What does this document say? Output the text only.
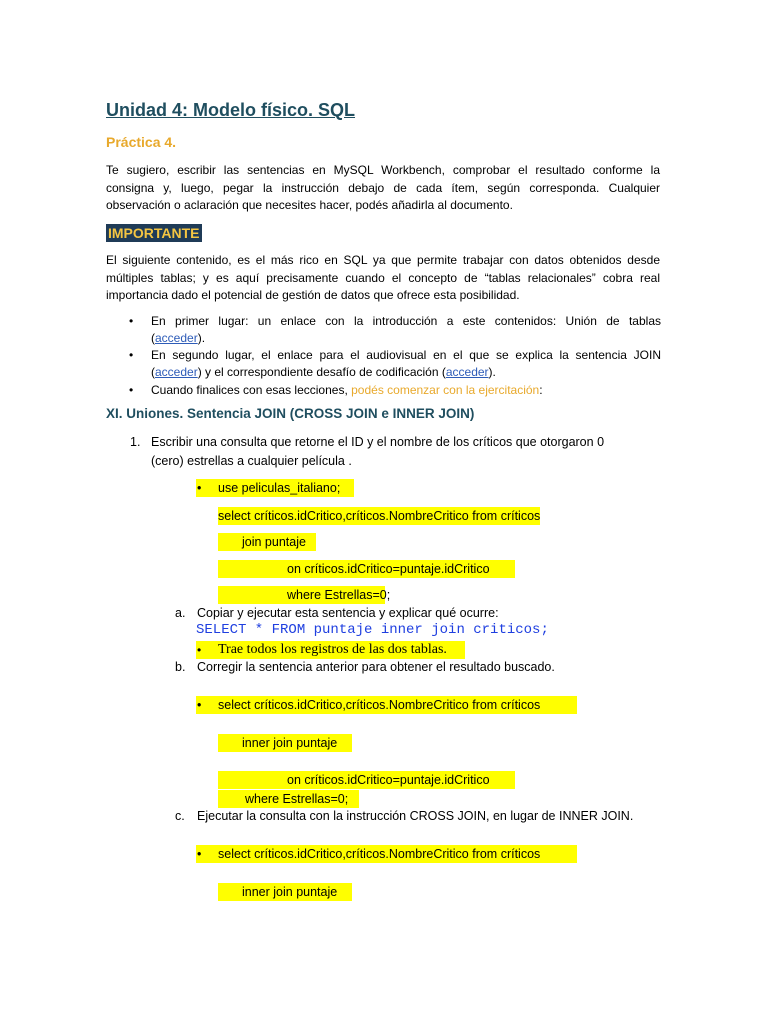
Unidad 4: Modelo físico. SQL
Práctica 4.
Te sugiero, escribir las sentencias en MySQL Workbench, comprobar el resultado conforme la
consigna y, luego, pegar la instrucción debajo de cada ítem, según corresponda. Cualquier
observación o aclaración que necesites hacer, podés añadirla al documento.
IMPORTANTE
El siguiente contenido, es el más rico en SQL ya que permite trabajar con datos obtenidos desde
múltiples tablas; y es aquí precisamente cuando el concepto de “tablas relacionales” cobra real
importancia dado el potencial de gestión de datos que ofrece esta posibilidad.
• En primer lugar: un enlace con la introducción a este contenidos: Unión de tablas
(acceder).
• En segundo lugar, el enlace para el audiovisual en el que se explica la sentencia JOIN
(acceder) y el correspondiente desafío de codificación (acceder).
• Cuando finalices con esas lecciones, podés comenzar con la ejercitación:
XI. Uniones. Sentencia JOIN (CROSS JOIN e INNER JOIN)
1. Escribir una consulta que retorne el ID y el nombre de los críticos que otorgaron 0
(cero) estrellas a cualquier película .
• use peliculas_italiano;
select críticos.idCritico,críticos.NombreCritico from críticos
join puntaje
on críticos.idCritico=puntaje.idCritico
where Estrellas=0;
a. Copiar y ejecutar esta sentencia y explicar qué ocurre:
SELECT * FROM puntaje inner join criticos;
• Trae todos los registros de las dos tablas.
b. Corregir la sentencia anterior para obtener el resultado buscado.
• select críticos.idCritico,críticos.NombreCritico from críticos
inner join puntaje
on críticos.idCritico=puntaje.idCritico
where Estrellas=0;
c. Ejecutar la consulta con la instrucción CROSS JOIN, en lugar de INNER JOIN.
• select críticos.idCritico,críticos.NombreCritico from críticos
inner join puntaje
